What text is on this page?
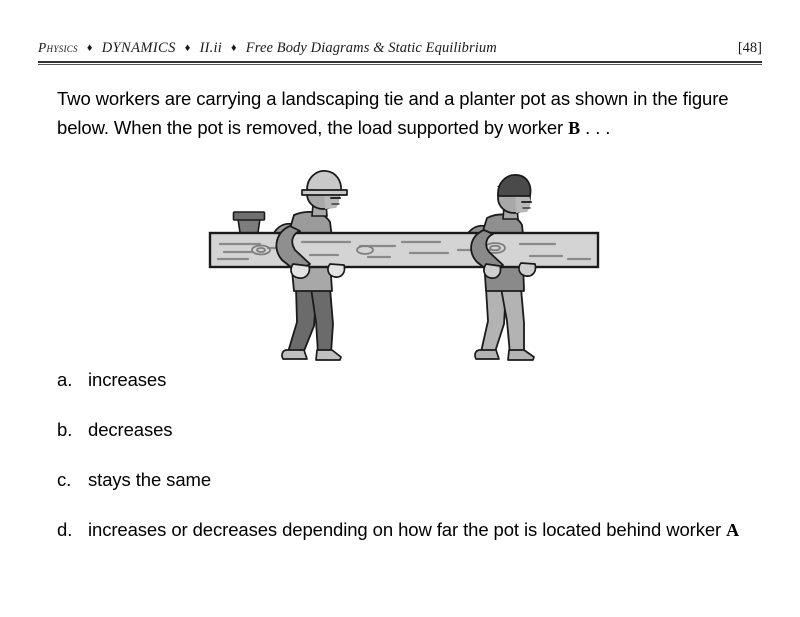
Physics ♦ DYNAMICS ♦ II.ii ♦ Free Body Diagrams & Static Equilibrium	[48]
Two workers are carrying a landscaping tie and a planter pot as shown in the figure below. When the pot is removed, the load supported by worker B . . .
a. increases
b. decreases
c. stays the same
d. increases or decreases depending on how far the pot is located behind worker A
